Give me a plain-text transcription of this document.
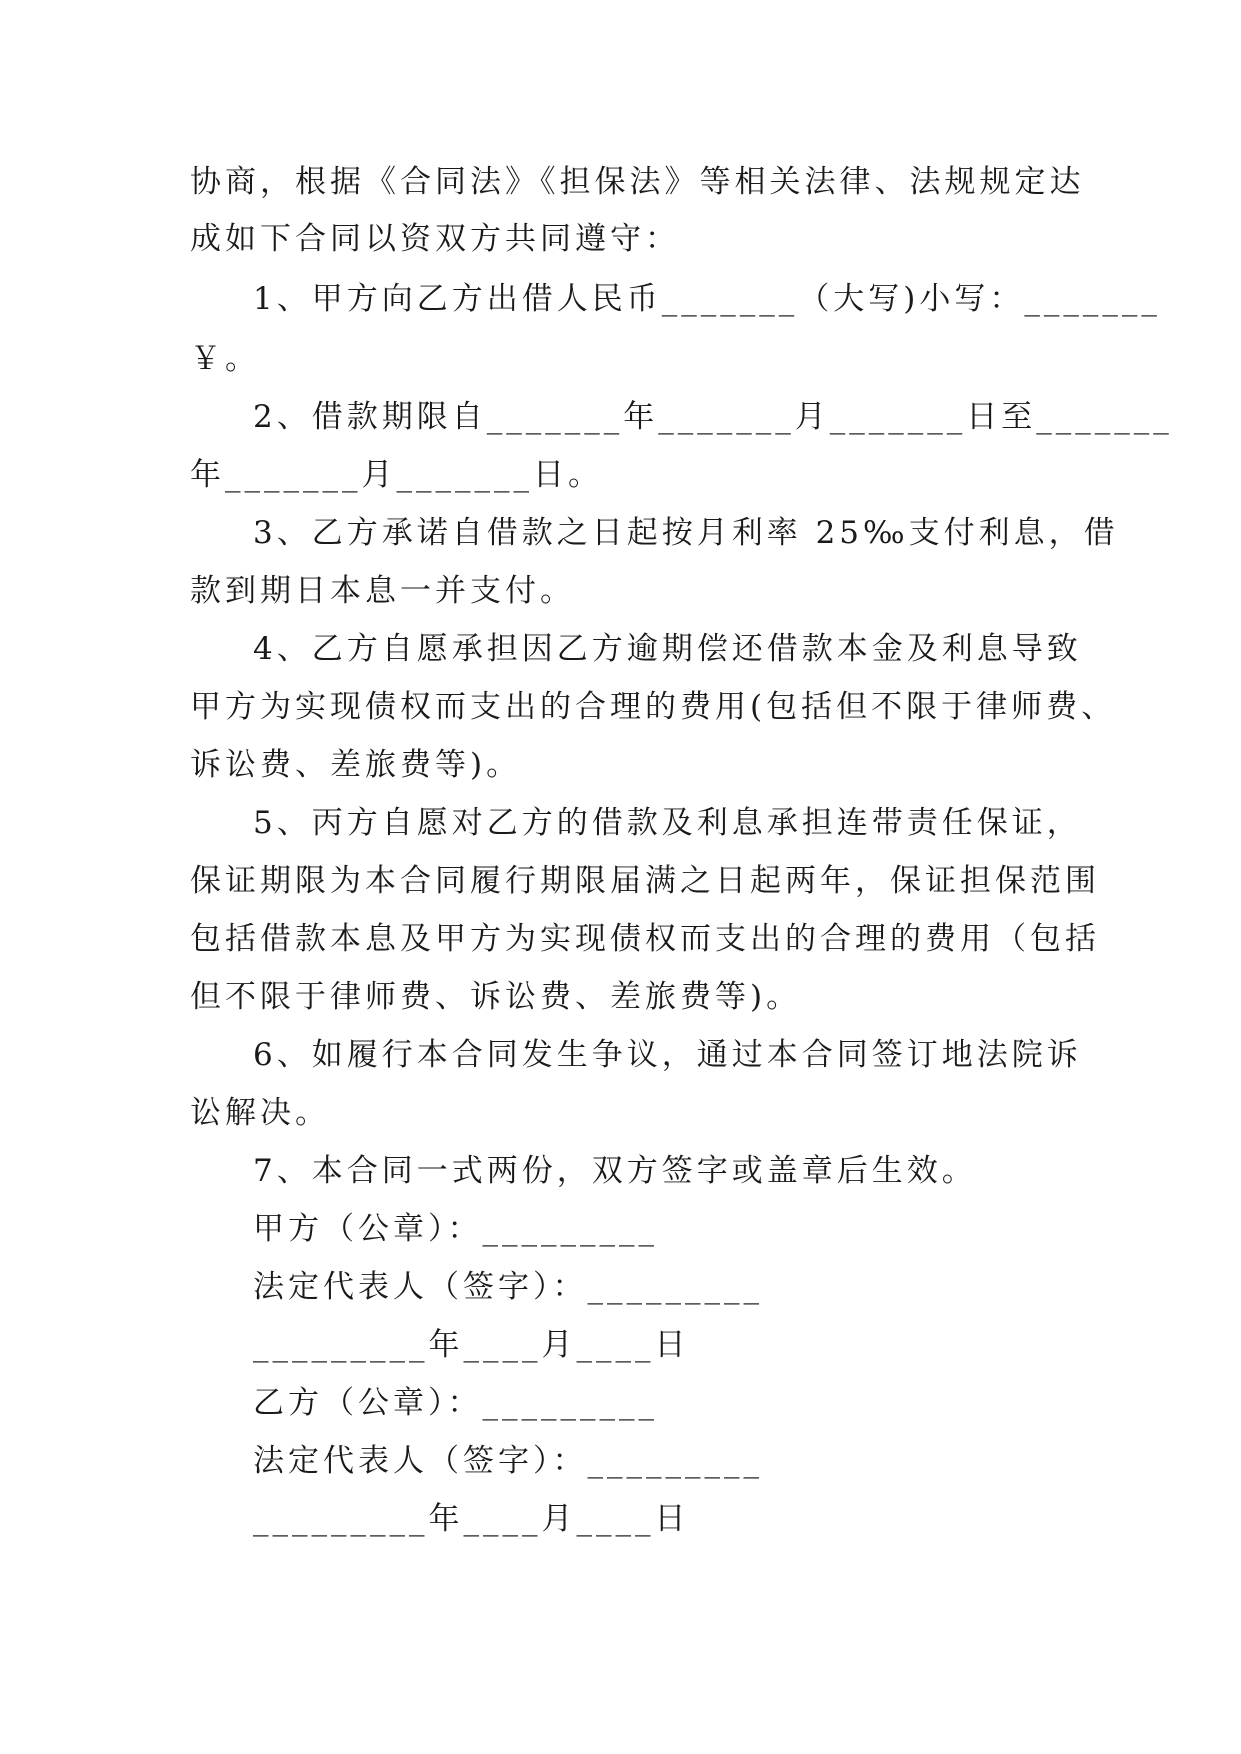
协商，根据《合同法》《担保法》等相关法律、法规规定达
成如下合同以资双方共同遵守：
1、甲方向乙方出借人民币_______（大写)小写：_______
￥。
2、借款期限自_______年_______月_______日至_______
年_______月_______日。
3、乙方承诺自借款之日起按月利率 25‰支付利息，借
款到期日本息一并支付。
4、乙方自愿承担因乙方逾期偿还借款本金及利息导致
甲方为实现债权而支出的合理的费用(包括但不限于律师费、
诉讼费、差旅费等)。
5、丙方自愿对乙方的借款及利息承担连带责任保证，
保证期限为本合同履行期限届满之日起两年，保证担保范围
包括借款本息及甲方为实现债权而支出的合理的费用（包括
但不限于律师费、诉讼费、差旅费等)。
6、如履行本合同发生争议，通过本合同签订地法院诉
讼解决。
7、本合同一式两份，双方签字或盖章后生效。
甲方（公章）：_________
法定代表人（签字）：_________
_________年____月____日
乙方（公章）：_________
法定代表人（签字）：_________
_________年____月____日
